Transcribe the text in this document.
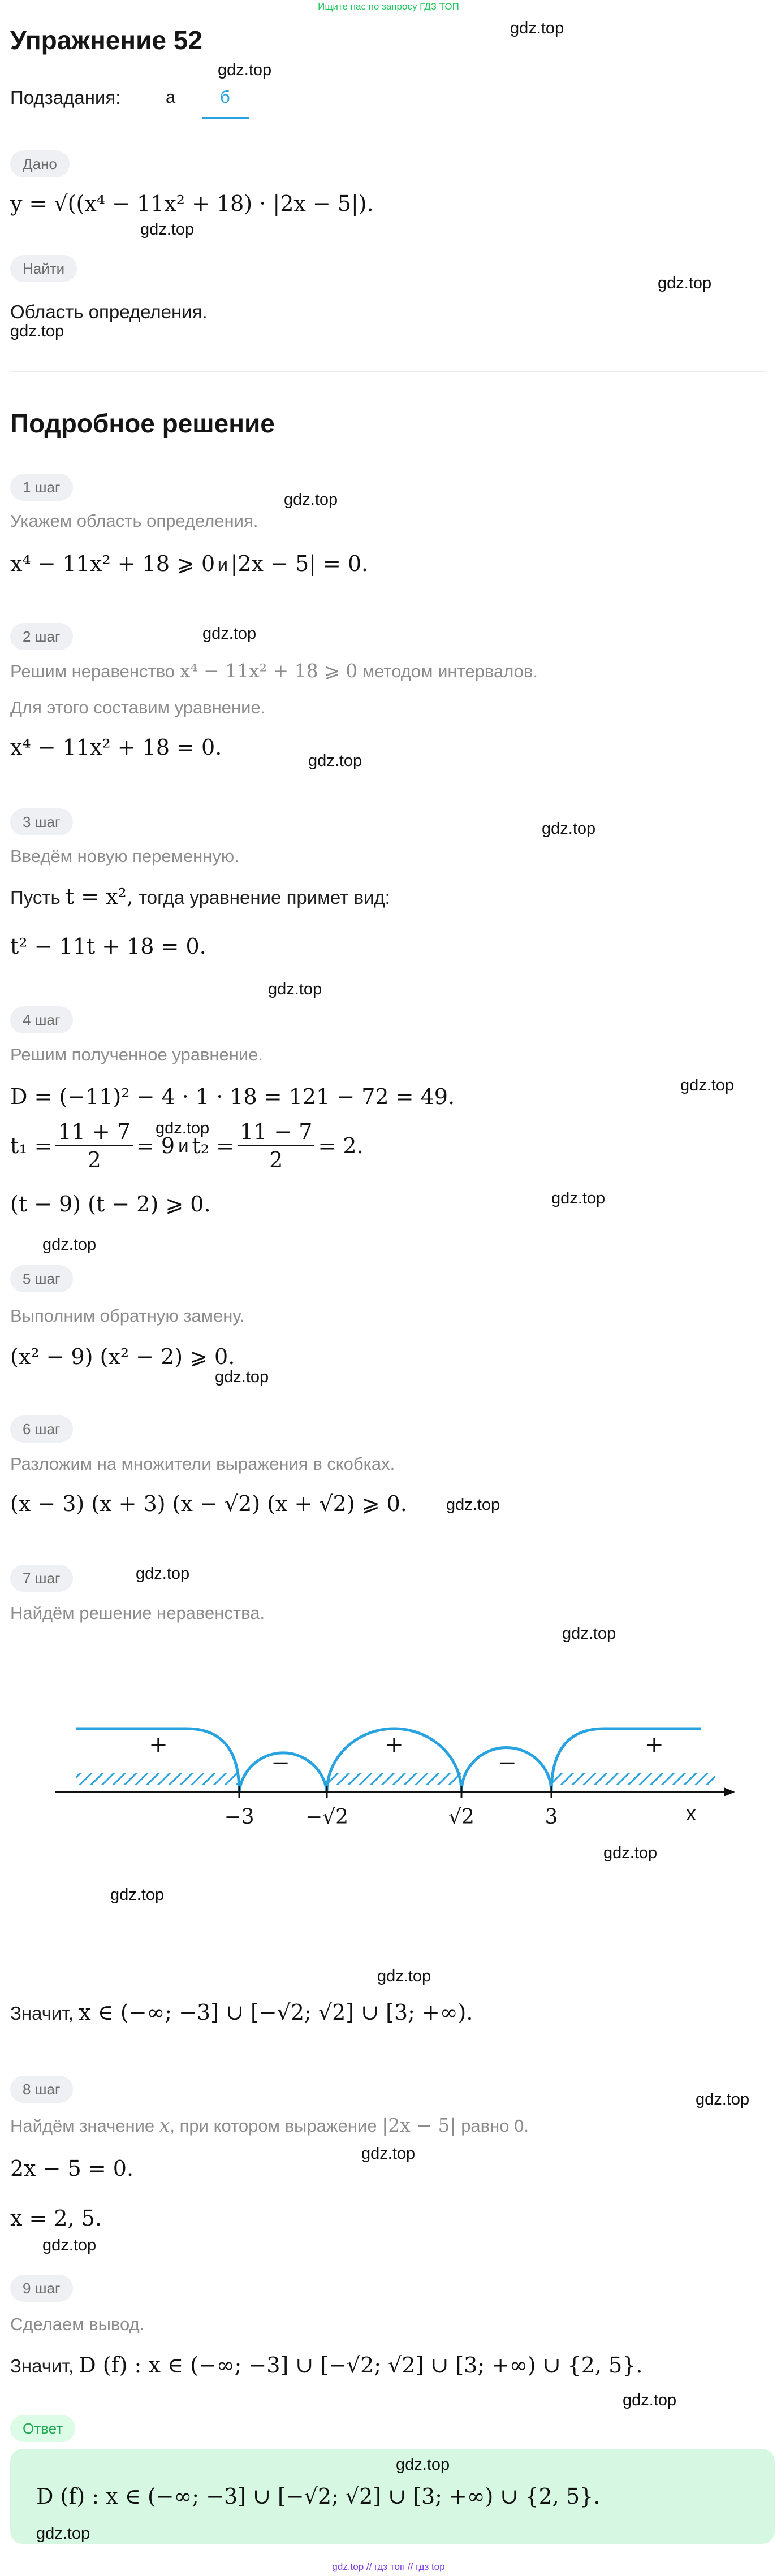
Ищите нас по запросу ГДЗ ТОП
Упражнение 52
Подзадания:	а	б
Дано
y = √((x⁴ − 11x² + 18) · |2x − 5|).
Найти
Область определения.
Подробное решение
1 шаг
Укажем область определения.
x⁴ − 11x² + 18 ⩾ 0 и |2x − 5| = 0.
2 шаг
Решим неравенство x⁴ − 11x² + 18 ⩾ 0 методом интервалов.
Для этого составим уравнение.
x⁴ − 11x² + 18 = 0.
3 шаг
Введём новую переменную.
Пусть t = x², тогда уравнение примет вид:
t² − 11t + 18 = 0.
4 шаг
Решим полученное уравнение.
D = (−11)² − 4 · 1 · 18 = 121 − 72 = 49.
$t_1 = \frac{11 + 7}{2} = 9$ и $t_2 = \frac{11 - 7}{2} = 2$.
(t − 9) (t − 2) ⩾ 0.
5 шаг
Выполним обратную замену.
(x² − 9) (x² − 2) ⩾ 0.
6 шаг
Разложим на множители выражения в скобках.
(x − 3) (x + 3) (x − √2) (x + √2) ⩾ 0.
7 шаг
Найдём решение неравенства.
+
−
+
−
+
−3	−√2	√2	3	x
Значит, x ∈ (−∞; −3] ∪ [−√2; √2] ∪ [3; +∞).
8 шаг
Найдём значение x, при котором выражение |2x − 5| равно 0.
2x − 5 = 0.
x = 2, 5.
9 шаг
Сделаем вывод.
Значит, D (f) : x ∈ (−∞; −3] ∪ [−√2; √2] ∪ [3; +∞) ∪ {2, 5}.
Ответ
D (f) : x ∈ (−∞; −3] ∪ [−√2; √2] ∪ [3; +∞) ∪ {2, 5}.
gdz.top // гдз топ // гдз top
gdz.top
gdz.top
gdz.top
gdz.top
gdz.top
gdz.top
gdz.top
gdz.top
gdz.top
gdz.top
gdz.top
gdz.top
gdz.top
gdz.top
gdz.top
gdz.top
gdz.top
gdz.top
gdz.top
gdz.top
gdz.top
gdz.top
gdz.top
gdz.top
gdz.top
gdz.top
gdz.top
